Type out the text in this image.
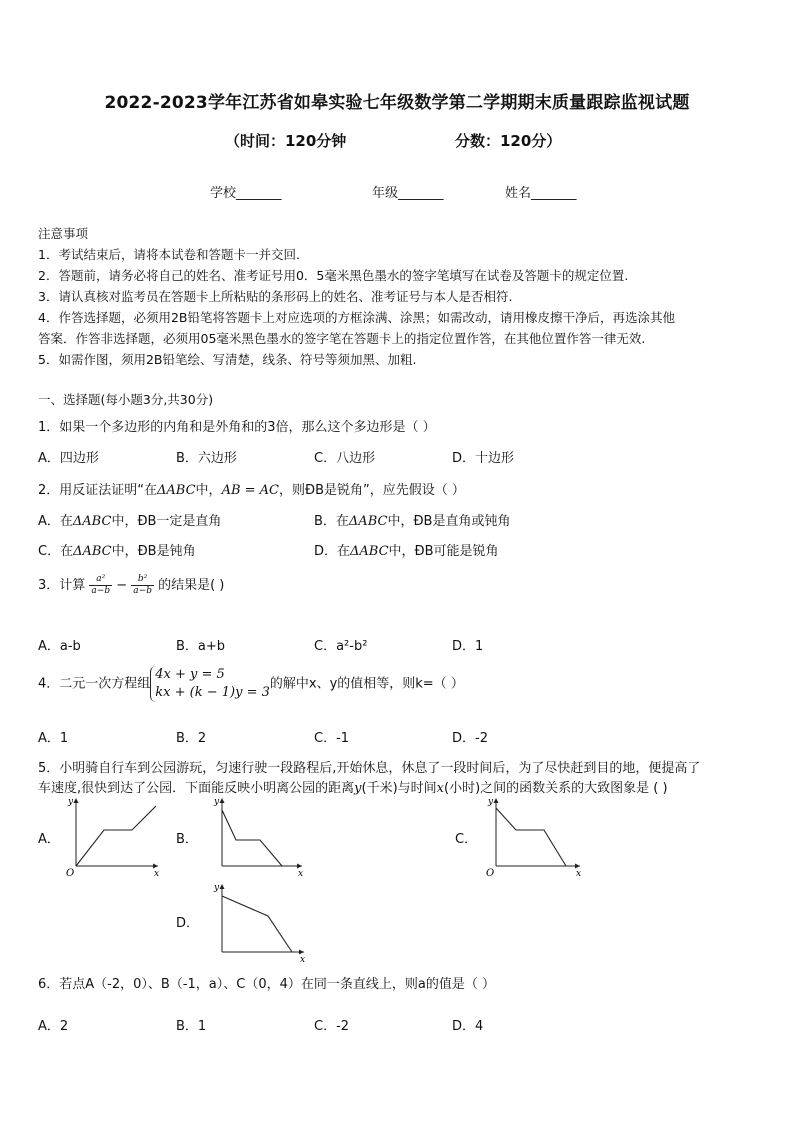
2022-2023学年江苏省如皋实验七年级数学第二学期期末质量跟踪监视试题
（时间：120分钟	分数：120分）
学校_______	年级_______	姓名_______
注意事项
1．考试结束后，请将本试卷和答题卡一并交回.
2．答题前，请务必将自己的姓名、准考证号用0．5毫米黑色墨水的签字笔填写在试卷及答题卡的规定位置.
3．请认真核对监考员在答题卡上所粘贴的条形码上的姓名、准考证号与本人是否相符.
4．作答选择题，必须用2B铅笔将答题卡上对应选项的方框涂满、涂黑；如需改动，请用橡皮擦干净后，再选涂其他
答案．作答非选择题，必须用05毫米黑色墨水的签字笔在答题卡上的指定位置作答，在其他位置作答一律无效.
5．如需作图，须用2B铅笔绘、写清楚，线条、符号等须加黑、加粗.
一、选择题(每小题3分,共30分)
1．如果一个多边形的内角和是外角和的3倍，那么这个多边形是（ ）
A．四边形	B．六边形	C．八边形	D．十边形
2．用反证法证明“在ΔABC中，AB = AC，则ÐB是锐角”，应先假设（ ）
A．在ΔABC中，ÐB一定是直角	B．在ΔABC中，ÐB是直角或钝角
C．在ΔABC中，ÐB是钝角	D．在ΔABC中，ÐB可能是锐角
3．计算 $\frac{\text{a²}}{a-b} - \frac{\text{b²}}{a-b}$ 的结果是( )
A．a-b	B．a+b	C．a²-b²	D．1
4．二元一次方程组
4x + y = 5
kx + (k − 1)y = 3
的解中x、y的值相等，则k=（ ）
A．1	B．2	C．-1	D．-2
5．小明骑自行车到公园游玩，匀速行驶一段路程后,开始休息，休息了一段时间后，为了尽快赶到目的地，便提高了
车速度,很快到达了公园．下面能反映小明离公园的距离y(千米)与时间x(小时)之间的函数关系的大致图象是 ( )
A．	B．	C．
D．
y
x
O
y
x
y
x
O
y
x
6．若点A（-2，0）、B（-1，a）、C（0，4）在同一条直线上，则a的值是（ ）
A．2	B．1	C．-2	D．4
